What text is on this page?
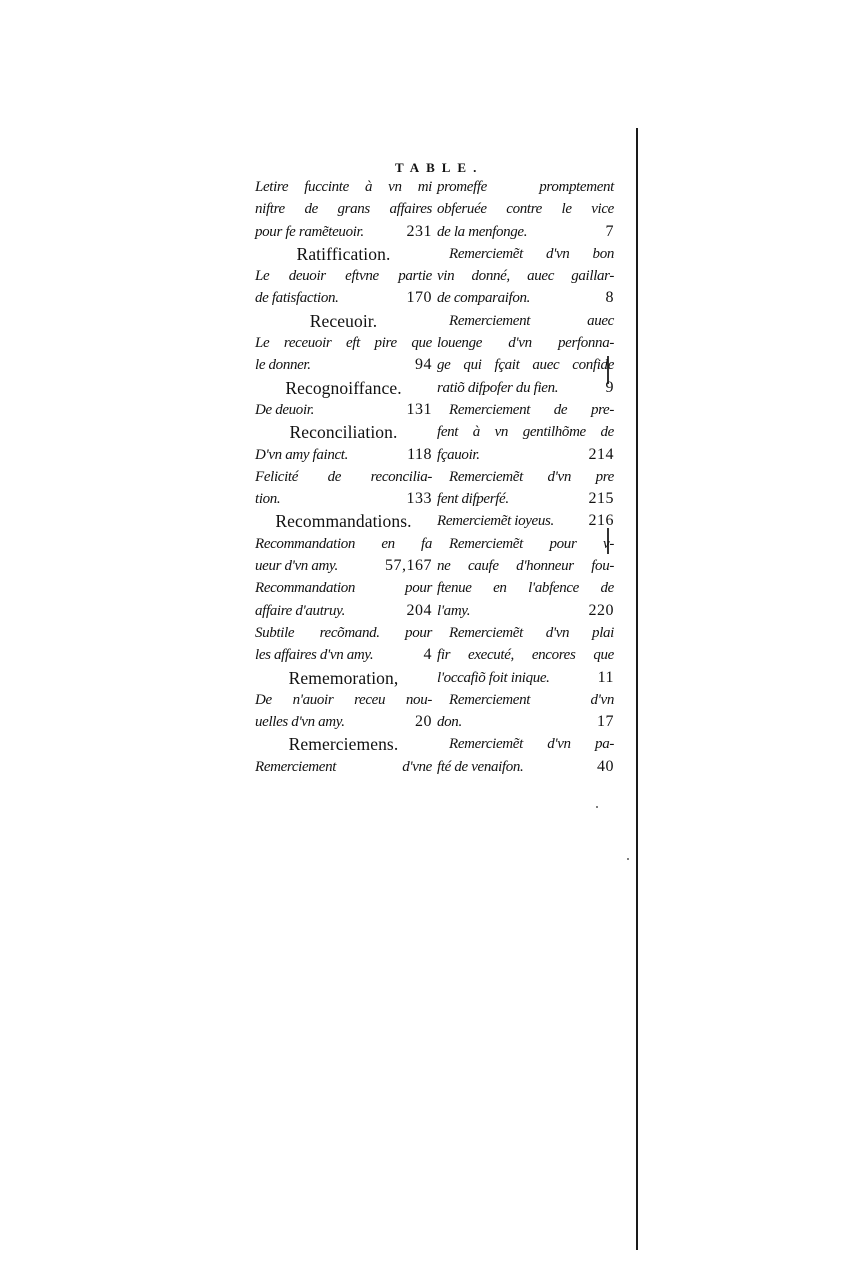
TABLE.
Letire fuccinte à vn mi
niftre de grans affaires
pour fe ramẽteuoir.	231
Ratiffication.
Le deuoir eftvne partie
de fatisfaction.	170
Receuoir.
Le receuoir eft pire que
le donner.	94
Recognoiffance.
De deuoir.	131
Reconciliation.
D'vn amy fainct.	118
Felicité de reconcilia-
tion.	133
Recommandations.
Recommandation en fa
ueur d'vn amy.	57,167
Recommandation pour
affaire d'autruy.	204
Subtile recõmand. pour
les affaires d'vn amy.	4
Rememoration,
De n'auoir receu nou-
uelles d'vn amy.	20
Remerciemens.
Remerciement d'vne
promeffe promptement
obferuée contre le vice
de la menfonge.	7
Remerciemẽt d'vn bon
vin donné, auec gaillar-
de comparaifon.	8
Remerciement auec
louenge d'vn perfonna-
ge qui fçait auec confide
ratiõ difpofer du fien.	9
Remerciement de pre-
fent à vn gentilhõme de
fçauoir.	214
Remerciemẽt d'vn pre
fent difperfé.	215
Remerciemẽt ioyeus. 216
Remerciemẽt pour v-
ne caufe d'honneur fou-
ftenue en l'abfence de
l'amy.	220
Remerciemẽt d'vn plai
fir executé, encores que
l'occafiõ foit inique.	11
Remerciement d'vn
don.	17
Remerciemẽt d'vn pa-
fté de venaifon.	40
